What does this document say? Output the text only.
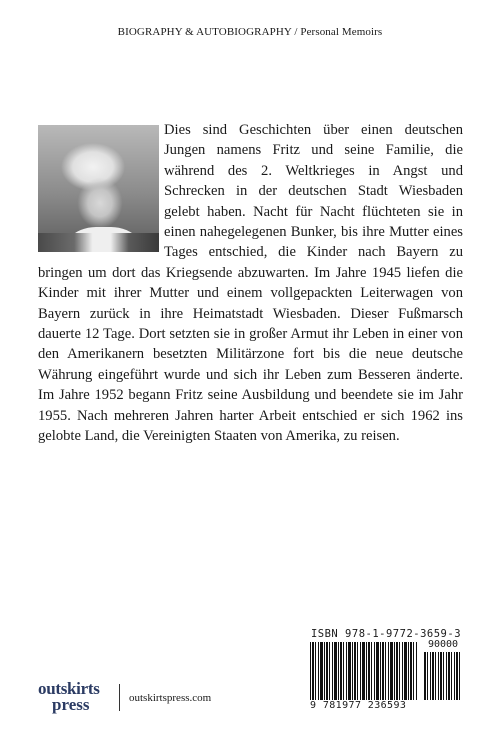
BIOGRAPHY & AUTOBIOGRAPHY / Personal Memoirs
Dies sind Geschichten über einen deutschen Jungen namens Fritz und seine Familie, die während des 2. Weltkrieges in Angst und Schrecken in der deutschen Stadt Wiesbaden gelebt haben. Nacht für Nacht flüchteten sie in einen nahegelegenen Bunker, bis ihre Mutter eines Tages entschied, die Kinder nach Bayern zu bringen um dort das Kriegsende abzuwarten. Im Jahre 1945 liefen die Kinder mit ihrer Mutter und einem vollgepackten Leiterwagen von Bayern zurück in ihre Heimatstadt Wiesbaden. Dieser Fußmarsch dauerte 12 Tage. Dort setzten sie in großer Armut ihr Leben in einer von den Amerikanern besetzten Militärzone fort bis die neue deutsche Währung eingeführt wurde und sich ihr Leben zum Besseren änderte. Im Jahre 1952 begann Fritz seine Ausbildung und beendete sie im Jahr 1955. Nach mehreren Jahren harter Arbeit entschied er sich 1962 ins gelobte Land, die Vereinigten Staaten von Amerika, zu reisen.
ISBN 978-1-9772-3659-3
90000
9 781977 236593
outskirts
press	outskirtspress.com
